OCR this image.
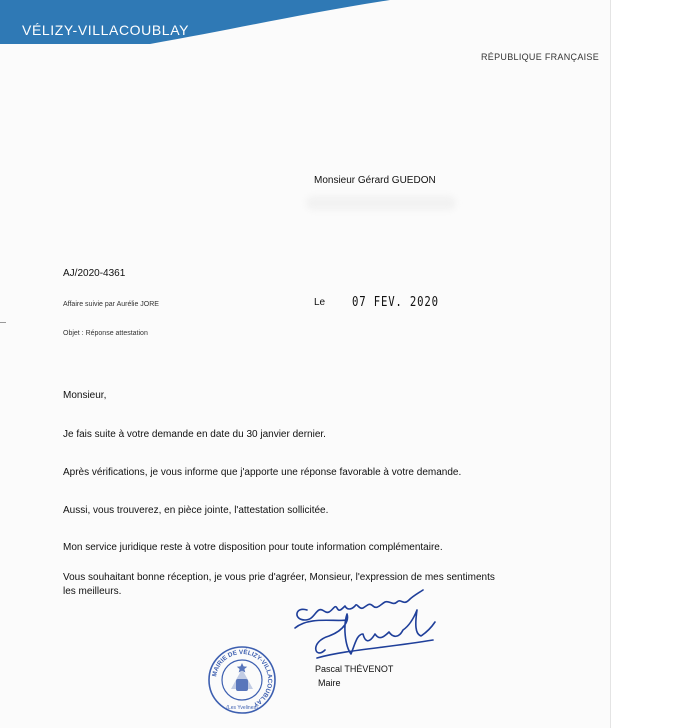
VÉLIZY-VILLACOUBLAY
RÉPUBLIQUE FRANÇAISE
Monsieur Gérard GUEDON
AJ/2020-4361
Affaire suivie par Aurélie JORE
Objet : Réponse attestation
Le 07 FEV. 2020
Monsieur,
Je fais suite à votre demande en date du 30 janvier dernier.
Après vérifications, je vous informe que j'apporte une réponse favorable à votre demande.
Aussi, vous trouverez, en pièce jointe, l'attestation sollicitée.
Mon service juridique reste à votre disposition pour toute information complémentaire.
Vous souhaitant bonne réception, je vous prie d'agréer, Monsieur, l'expression de mes sentiments
les meilleurs.
Pascal THÉVENOT
Maire
MAIRIE DE VÉLIZY-VILLACOUBLAY
(Les Yvelines)
